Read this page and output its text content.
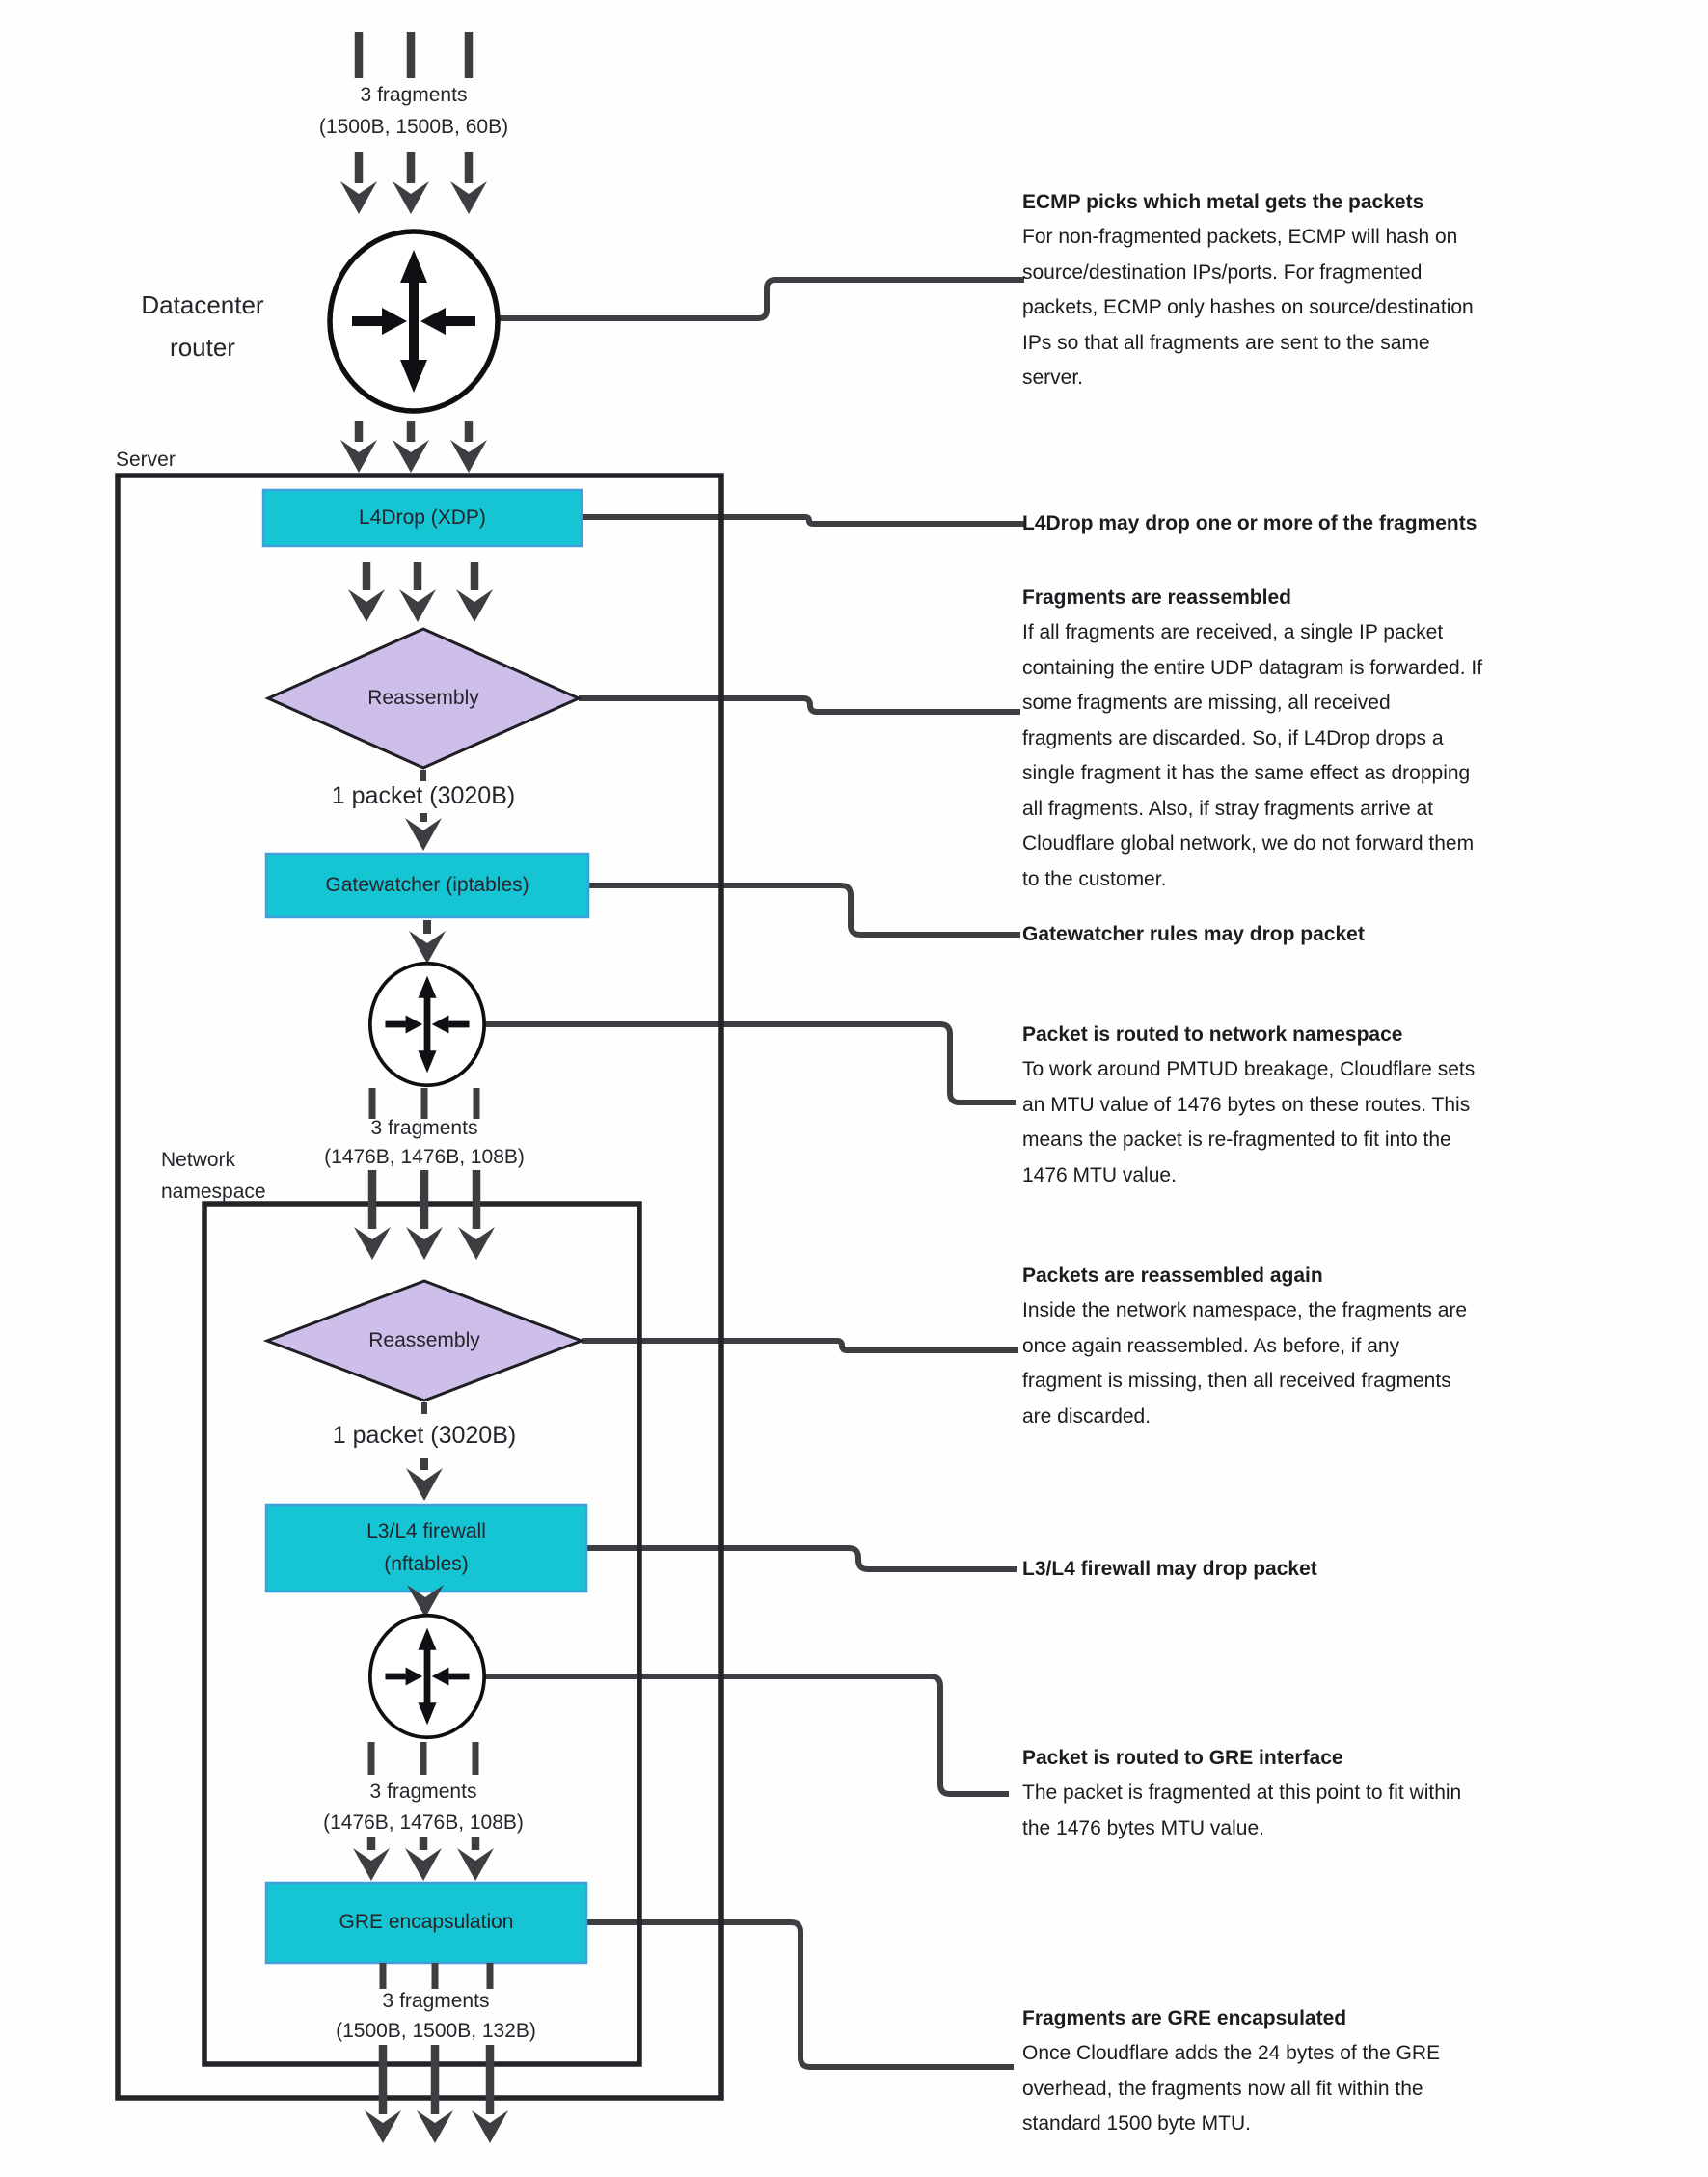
3 fragments
(1500B, 1500B, 60B)
Datacenter router
Server
L4Drop (XDP)
Reassembly
1 packet (3020B)
Gatewatcher (iptables)
3 fragments
(1476B, 1476B, 108B)
Network namespace
Reassembly
1 packet (3020B)
L3/L4 firewall
(nftables)
3 fragments
(1476B, 1476B, 108B)
GRE encapsulation
3 fragments
(1500B, 1500B, 132B)
ECMP picks which metal gets the packets

For non-fragmented packets, ECMP will hash on source/destination IPs/ports. For fragmented packets, ECMP only hashes on source/destination IPs so that all fragments are sent to the same server.

L4Drop may drop one or more of the fragments
Fragments are reassembled

If all fragments are received, a single IP packet containing the entire UDP datagram is forwarded. If some fragments are missing, all received fragments are discarded. So, if L4Drop drops a single fragment it has the same effect as dropping all fragments. Also, if stray fragments arrive at Cloudflare global network, we do not forward them to the customer.

Gatewatcher rules may drop packet
Packet is routed to network namespace

To work around PMTUD breakage, Cloudflare sets an MTU value of 1476 bytes on these routes. This means the packet is re-fragmented to fit into the 1476 MTU value.

Packets are reassembled again

Inside the network namespace, the fragments are once again reassembled. As before, if any fragment is missing, then all received fragments are discarded.

L3/L4 firewall may drop packet
Packet is routed to GRE interface

The packet is fragmented at this point to fit within the 1476 bytes MTU value.

Fragments are GRE encapsulated

Once Cloudflare adds the 24 bytes of the GRE overhead, the fragments now all fit within the standard 1500 byte MTU.
